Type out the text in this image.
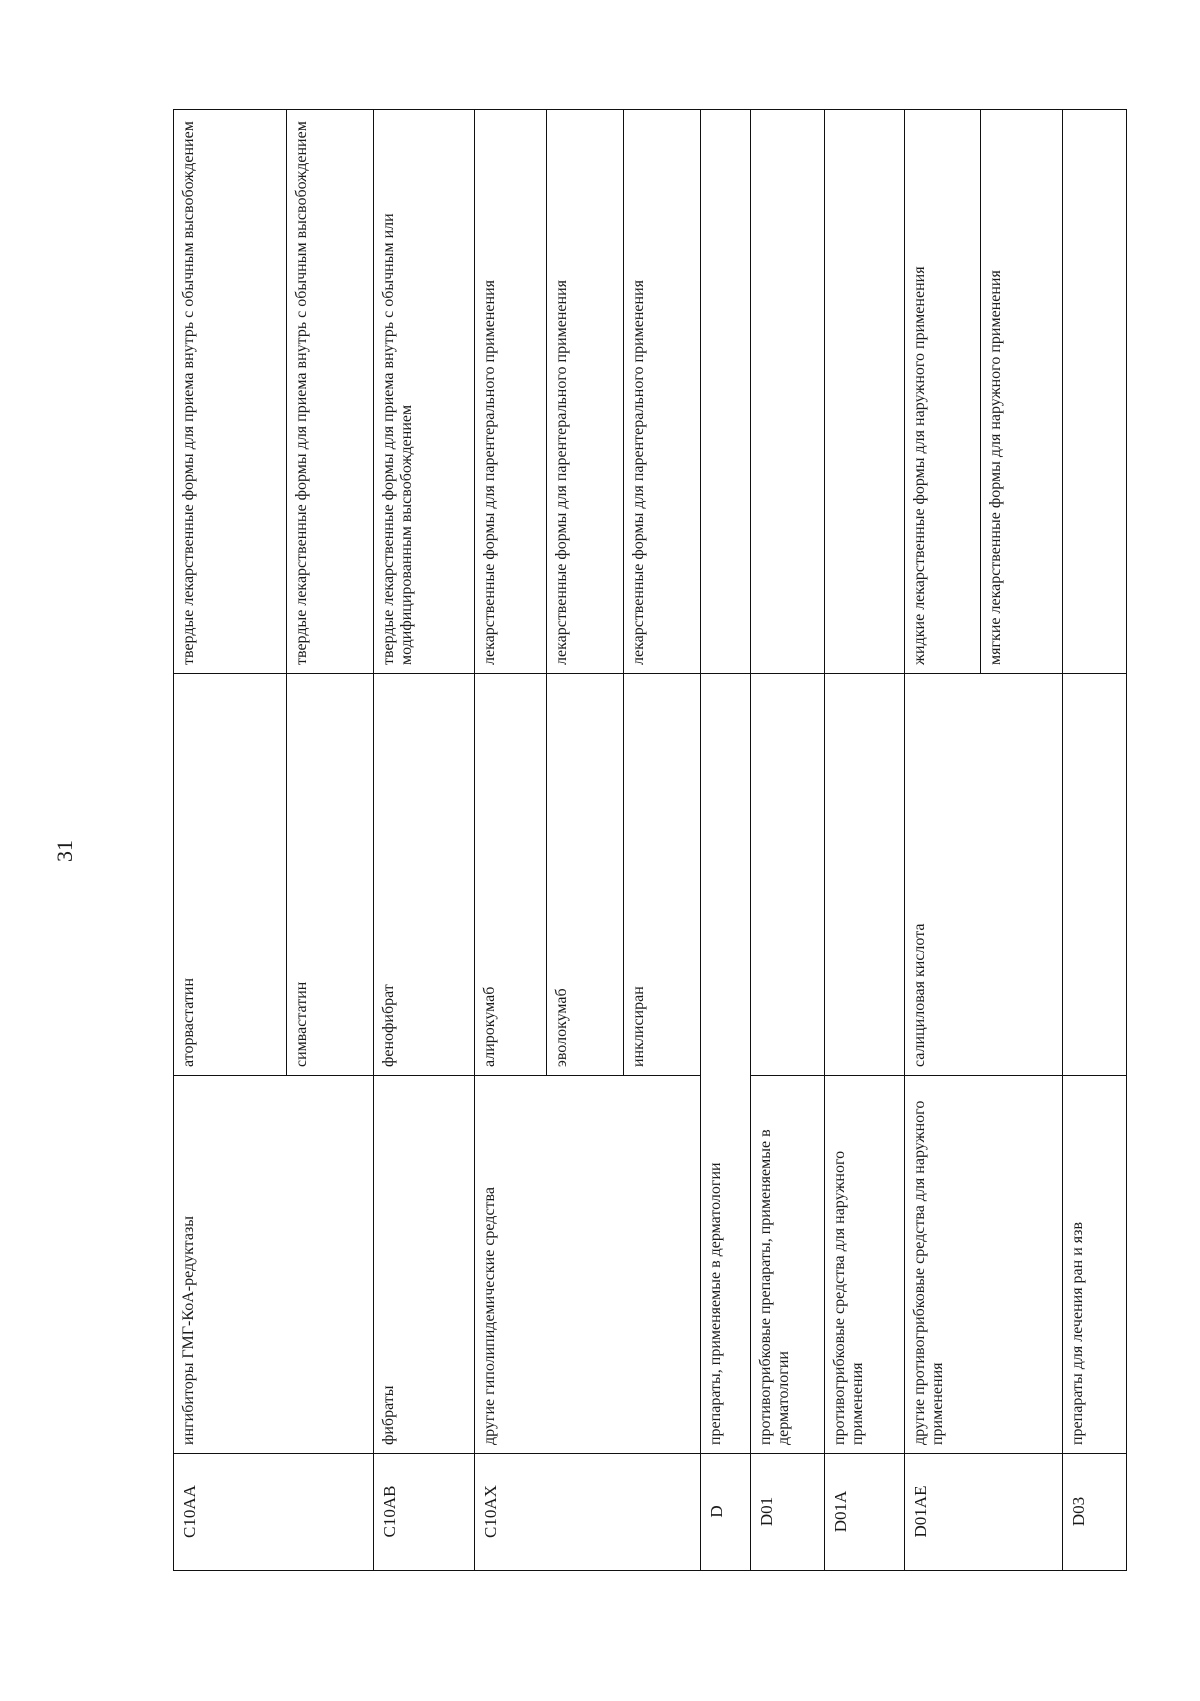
31
C10AA	ингибиторы ГМГ-КоА-редуктазы	аторвастатин	твердые лекарственные формы для приема внутрь с обычным высвобождением
		симвастатин	твердые лекарственные формы для приема внутрь с обычным высвобождением
C10AB	фибраты	фенофибрат	твердые лекарственные формы для приема внутрь с обычным или модифицированным высвобождением
C10AX	другие гиполипидемические средства	алирокумаб	лекарственные формы для парентерального применения
		эволокумаб	лекарственные формы для парентерального применения
		инклисиран	лекарственные формы для парентерального применения
D	препараты, применяемые в дерматологии		
D01	противогрибковые препараты, применяемые в дерматологии		
D01A	противогрибковые средства для наружного применения		
D01AE	другие противогрибковые средства для наружного применения	салициловая кислота	жидкие лекарственные формы для наружного применения
			мягкие лекарственные формы для наружного применения
D03	препараты для лечения ран и язв		
